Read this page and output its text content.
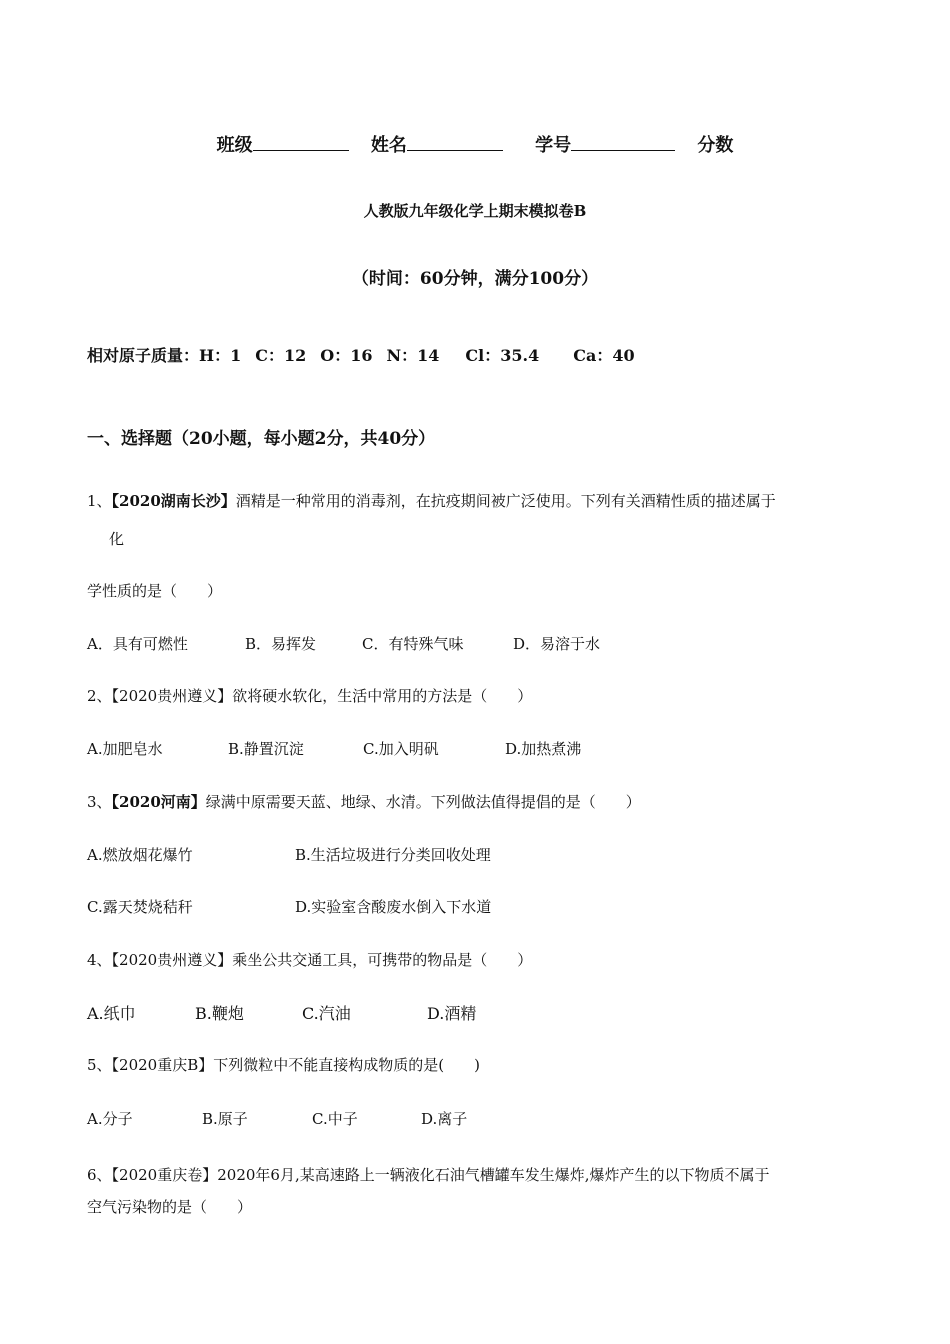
班级	姓名	学号	分数
人教版九年级化学上期末模拟卷B
（时间：60分钟，满分100分）
相对原子质量：H：1 C：12 O：16 N：14 Cl：35.4 Ca：40
一、选择题（20小题，每小题2分，共40分）
1、【2020湖南长沙】酒精是一种常用的消毒剂，在抗疫期间被广泛使用。下列有关酒精性质的描述属于
化
学性质的是（　　）
A．具有可燃性	B．易挥发	C．有特殊气味	D．易溶于水
2、【2020贵州遵义】欲将硬水软化，生活中常用的方法是（　　）
A.加肥皂水	B.静置沉淀	C.加入明矾	D.加热煮沸
3、【2020河南】绿满中原需要天蓝、地绿、水清。下列做法值得提倡的是（　　）
A.燃放烟花爆竹	B.生活垃圾进行分类回收处理
C.露天焚烧秸秆	D.实验室含酸废水倒入下水道
4、【2020贵州遵义】乘坐公共交通工具，可携带的物品是（　　）
A.纸巾	B.鞭炮	C.汽油	D.酒精
5、【2020重庆B】下列微粒中不能直接构成物质的是(　　)
A.分子	B.原子	C.中子	D.离子
6、【2020重庆卷】2020年6月,某高速路上一辆液化石油气槽罐车发生爆炸,爆炸产生的以下物质不属于
空气污染物的是（　　）
